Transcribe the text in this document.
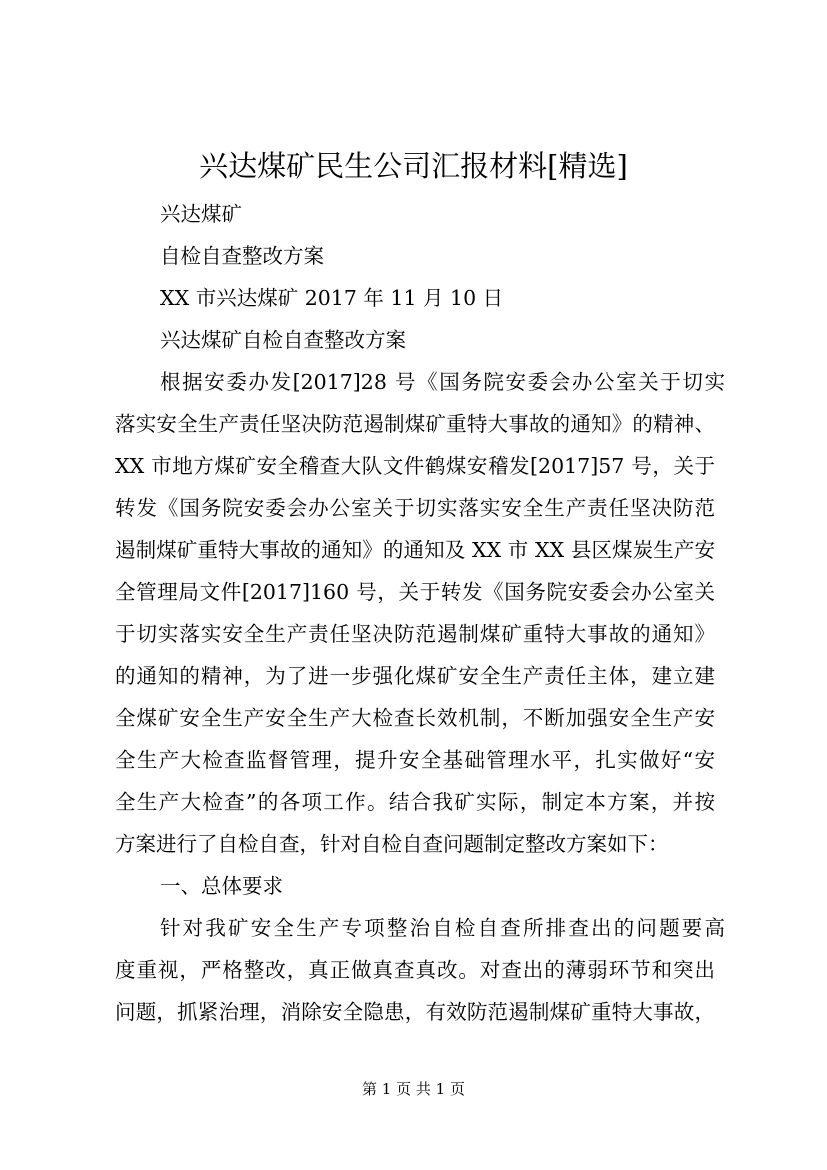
兴达煤矿民生公司汇报材料[精选]
兴达煤矿
自检自查整改方案
XX 市兴达煤矿 2017 年 11 月 10 日
兴达煤矿自检自查整改方案
根据安委办发[2017]28 号《国务院安委会办公室关于切实
落实安全生产责任坚决防范遏制煤矿重特大事故的通知》的精神、
XX 市地方煤矿安全稽查大队文件鹤煤安稽发[2017]57 号，关于
转发《国务院安委会办公室关于切实落实安全生产责任坚决防范
遏制煤矿重特大事故的通知》的通知及 XX 市 XX 县区煤炭生产安
全管理局文件[2017]160 号，关于转发《国务院安委会办公室关
于切实落实安全生产责任坚决防范遏制煤矿重特大事故的通知》
的通知的精神，为了进一步强化煤矿安全生产责任主体，建立建
全煤矿安全生产安全生产大检查长效机制，不断加强安全生产安
全生产大检查监督管理，提升安全基础管理水平，扎实做好“安
全生产大检查”的各项工作。结合我矿实际，制定本方案，并按
方案进行了自检自查，针对自检自查问题制定整改方案如下：
一、总体要求
针对我矿安全生产专项整治自检自查所排查出的问题要高
度重视，严格整改，真正做真查真改。对查出的薄弱环节和突出
问题，抓紧治理，消除安全隐患，有效防范遏制煤矿重特大事故，
第 1 页 共 1 页
